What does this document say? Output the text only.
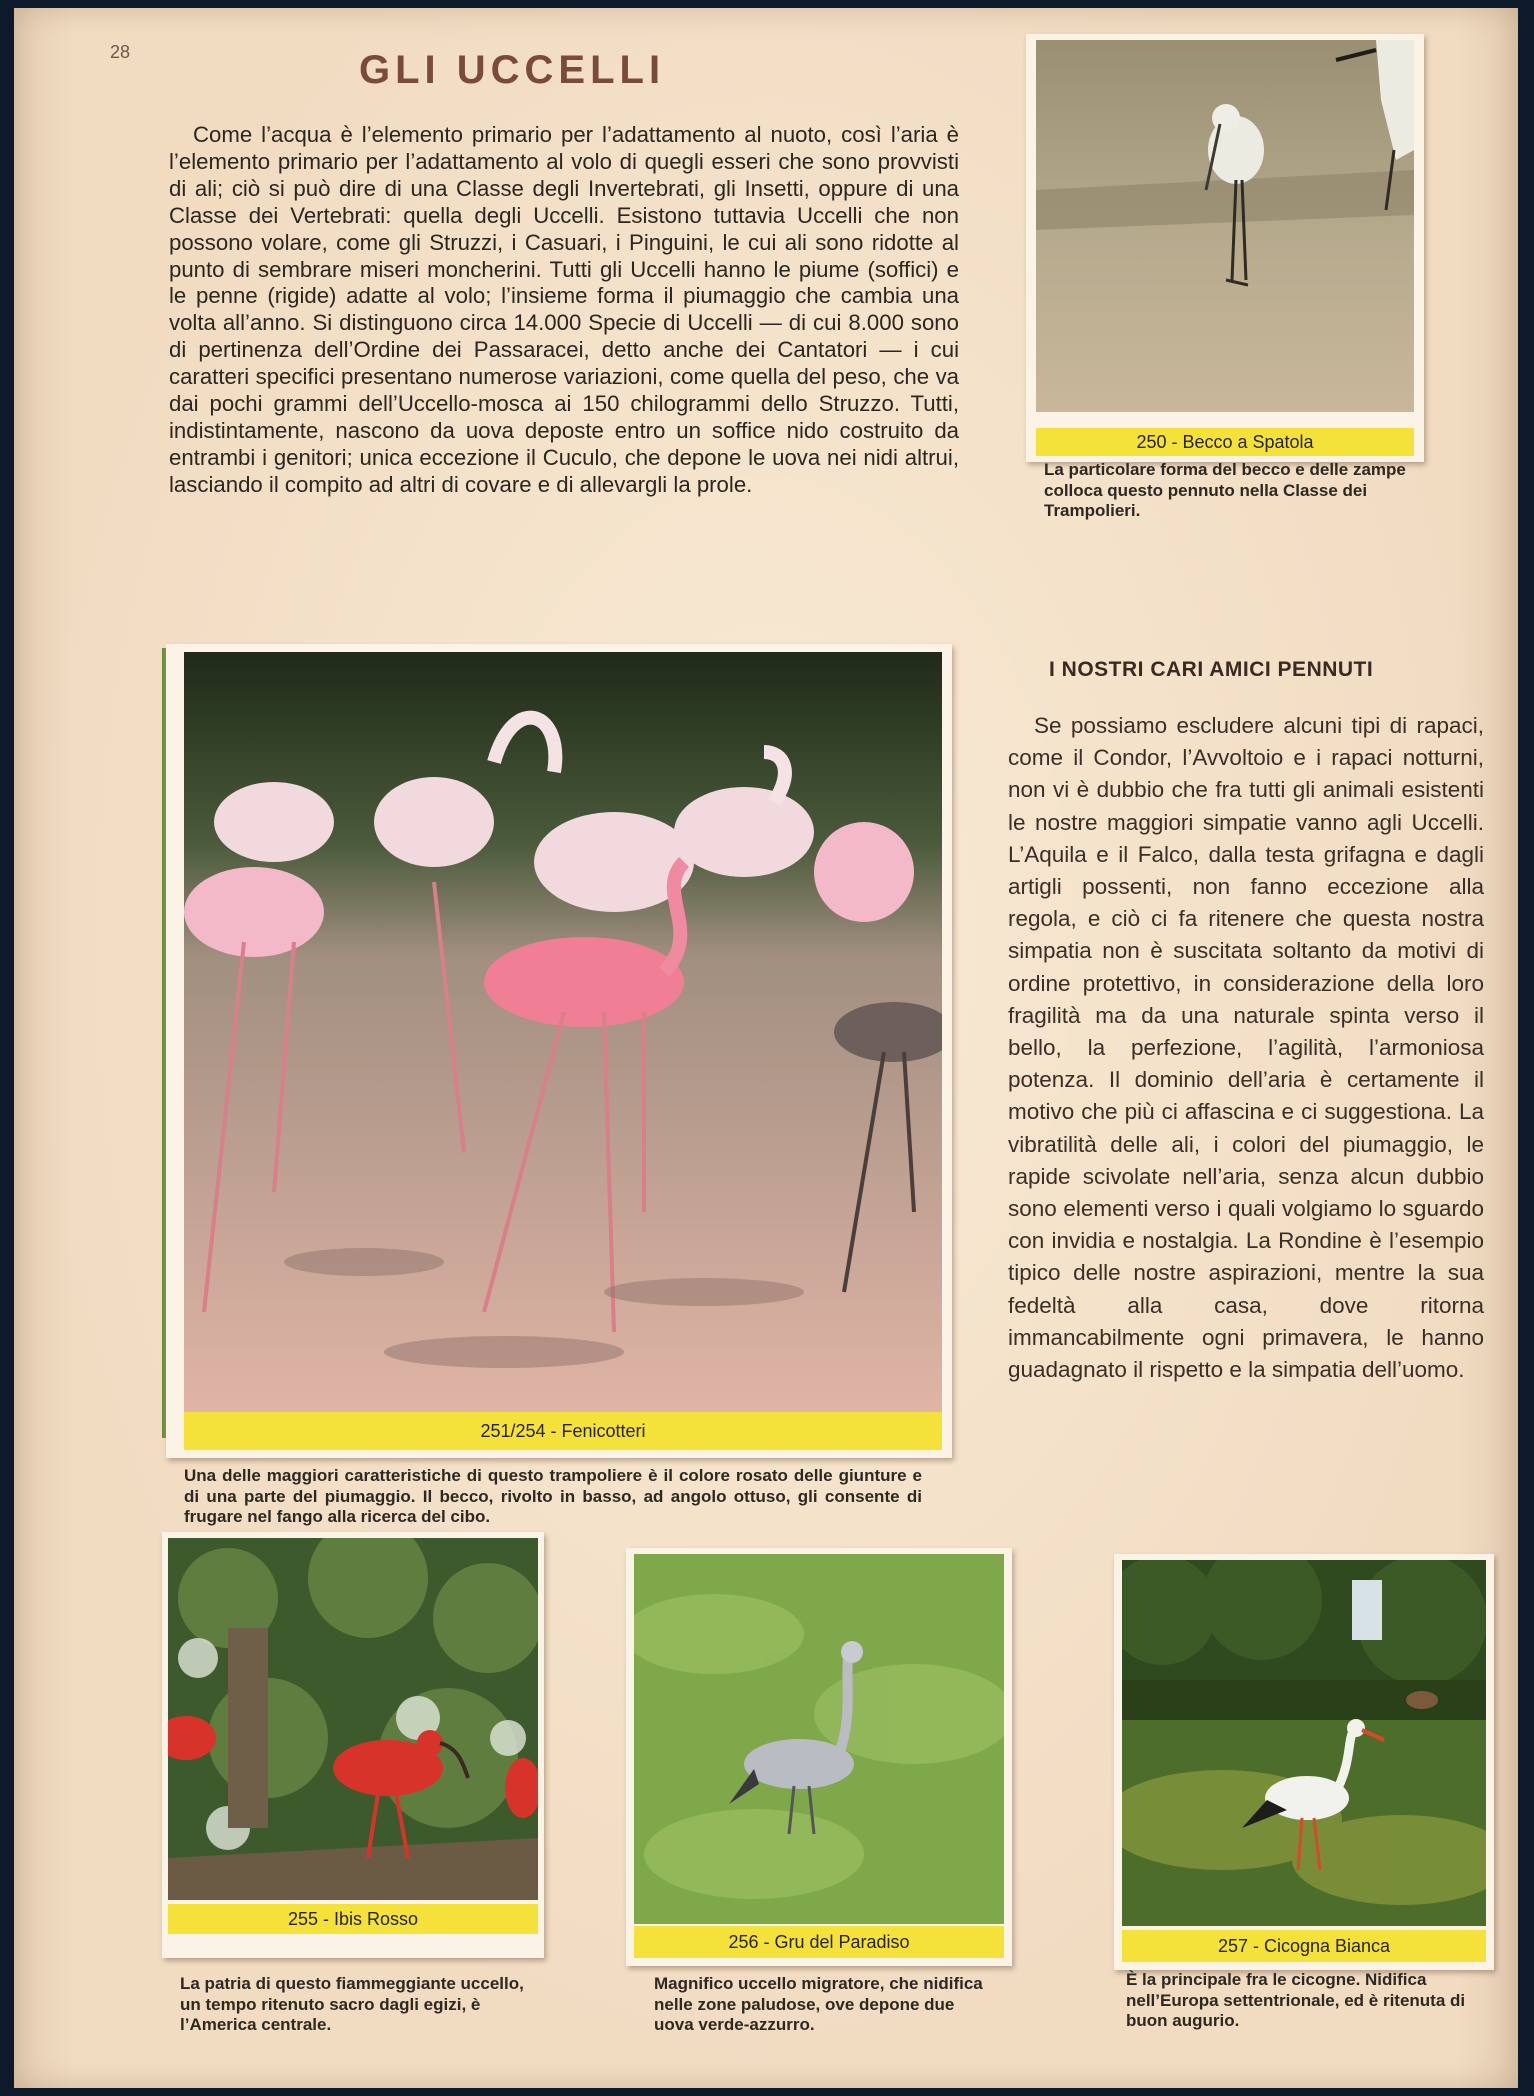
28	GLI UCCELLI

Come l’acqua è l’elemento primario per l’adattamento al nuoto, così l’aria è l’elemento primario per l’adattamento al volo di quegli esseri che sono provvisti di ali; ciò si può dire di una Classe degli Invertebrati, gli Insetti, oppure di una Classe dei Vertebrati: quella degli Uccelli. Esistono tuttavia Uccelli che non possono volare, come gli Struzzi, i Casuari, i Pinguini, le cui ali sono ridotte al punto di sembrare miseri moncherini. Tutti gli Uccelli hanno le piume (soffici) e le penne (rigide) adatte al volo; l’insieme forma il piumaggio che cambia una volta all’anno. Si distinguono circa 14.000 Specie di Uccelli — di cui 8.000 sono di pertinenza dell’Ordine dei Passaracei, detto anche dei Cantatori — i cui caratteri specifici presentano numerose variazioni, come quella del peso, che va dai pochi grammi dell’Uccello-mosca ai 150 chilogrammi dello Struzzo. Tutti, indistintamente, nascono da uova deposte entro un soffice nido costruito da entrambi i genitori; unica eccezione il Cuculo, che depone le uova nei nidi altrui, lasciando il compito ad altri di covare e di allevargli la prole.

250 - Becco a Spatola

La particolare forma del becco e delle zampe colloca questo pennuto nella Classe dei Trampolieri.

251/254 - Fenicotteri

Una delle maggiori caratteristiche di questo trampoliere è il colore rosato delle giunture e di una parte del piumaggio. Il becco, rivolto in basso, ad angolo ottuso, gli consente di frugare nel fango alla ricerca del cibo.

I NOSTRI CARI AMICI PENNUTI

Se possiamo escludere alcuni tipi di rapaci, come il Condor, l’Avvoltoio e i rapaci notturni, non vi è dubbio che fra tutti gli animali esistenti le nostre maggiori simpatie vanno agli Uccelli. L’Aquila e il Falco, dalla testa grifagna e dagli artigli possenti, non fanno eccezione alla regola, e ciò ci fa ritenere che questa nostra simpatia non è suscitata soltanto da motivi di ordine protettivo, in considerazione della loro fragilità ma da una naturale spinta verso il bello, la perfezione, l’agilità, l’armoniosa potenza. Il dominio dell’aria è certamente il motivo che più ci affascina e ci suggestiona. La vibratilità delle ali, i colori del piumaggio, le rapide scivolate nell’aria, senza alcun dubbio sono elementi verso i quali volgiamo lo sguardo con invidia e nostalgia. La Rondine è l’esempio tipico delle nostre aspirazioni, mentre la sua fedeltà alla casa, dove ritorna immancabilmente ogni primavera, le hanno guadagnato il rispetto e la simpatia dell’uomo.

255 - Ibis Rosso

La patria di questo fiammeggiante uccello, un tempo ritenuto sacro dagli egizi, è l’America centrale.

256 - Gru del Paradiso

Magnifico uccello migratore, che nidifica nelle zone paludose, ove depone due uova verde-azzurro.

257 - Cicogna Bianca

È la principale fra le cicogne. Nidifica nell’Europa settentrionale, ed è ritenuta di buon augurio.
